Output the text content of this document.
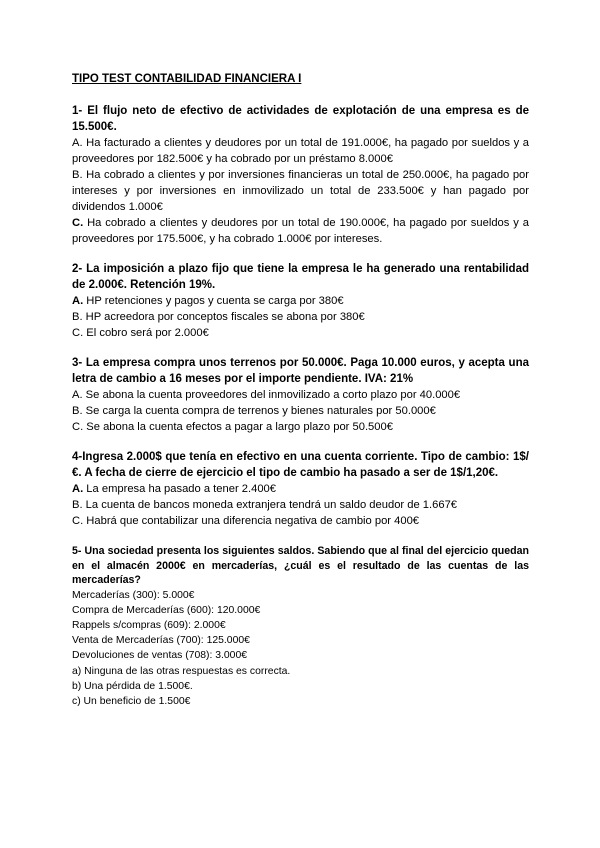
TIPO TEST CONTABILIDAD FINANCIERA I
1- El flujo neto de efectivo de actividades de explotación de una empresa es de 15.500€.
A. Ha facturado a clientes y deudores por un total de 191.000€, ha pagado por sueldos y a proveedores por 182.500€ y ha cobrado por un préstamo 8.000€
B. Ha cobrado a clientes y por inversiones financieras un total de 250.000€, ha pagado por intereses y por inversiones en inmovilizado un total de 233.500€ y han pagado por dividendos 1.000€
C. Ha cobrado a clientes y deudores por un total de 190.000€, ha pagado por sueldos y a proveedores por 175.500€, y ha cobrado 1.000€ por intereses.
2- La imposición a plazo fijo que tiene la empresa le ha generado una rentabilidad de 2.000€. Retención 19%.
A. HP retenciones y pagos y cuenta se carga por 380€
B. HP acreedora por conceptos fiscales se abona por 380€
C. El cobro será por 2.000€
3- La empresa compra unos terrenos por 50.000€. Paga 10.000 euros, y acepta una letra de cambio a 16 meses por el importe pendiente. IVA: 21%
A. Se abona la cuenta proveedores del inmovilizado a corto plazo por 40.000€
B. Se carga la cuenta compra de terrenos y bienes naturales por 50.000€
C. Se abona la cuenta efectos a pagar a largo plazo por 50.500€
4-Ingresa 2.000$ que tenía en efectivo en una cuenta corriente. Tipo de cambio: 1$/€. A fecha de cierre de ejercicio el tipo de cambio ha pasado a ser de 1$/1,20€.
A. La empresa ha pasado a tener 2.400€
B. La cuenta de bancos moneda extranjera tendrá un saldo deudor de 1.667€
C. Habrá que contabilizar una diferencia negativa de cambio por 400€
5- Una sociedad presenta los siguientes saldos. Sabiendo que al final del ejercicio quedan en el almacén 2000€ en mercaderías, ¿cuál es el resultado de las cuentas de las mercaderías?
Mercaderías (300): 5.000€
Compra de Mercaderías (600): 120.000€
Rappels s/compras (609): 2.000€
Venta de Mercaderías (700): 125.000€
Devoluciones de ventas (708): 3.000€
a) Ninguna de las otras respuestas es correcta.
b) Una pérdida de 1.500€.
c) Un beneficio de 1.500€
